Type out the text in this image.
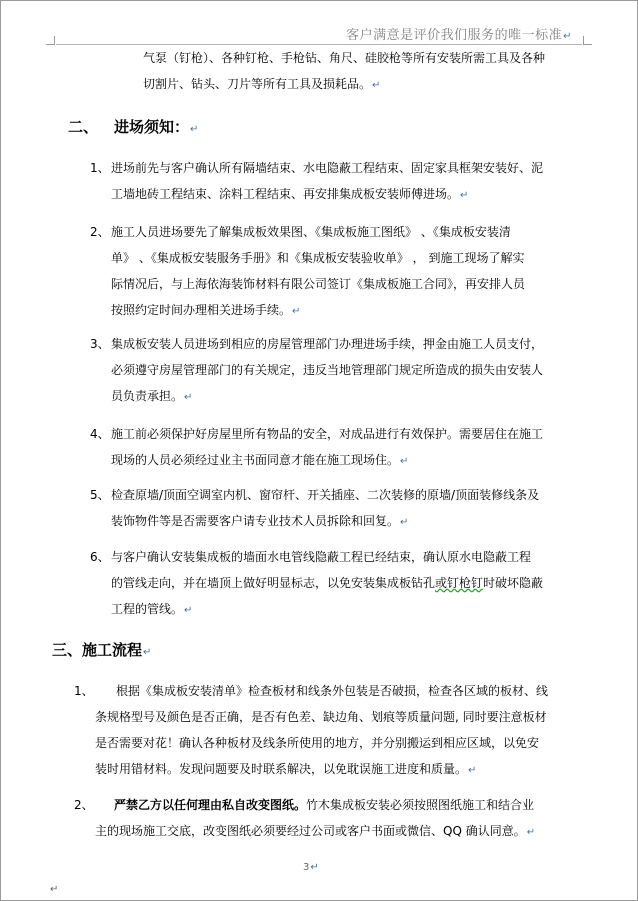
客户满意是评价我们服务的唯一标准↵
气泵（钉枪）、各种钉枪、手枪钻、角尺、硅胶枪等所有安装所需工具及各种
切割片、钻头、刀片等所有工具及损耗品。↵
二、 进场须知：↵
1、 进场前先与客户确认所有隔墙结束、水电隐蔽工程结束、固定家具框架安装好、泥
工墙地砖工程结束、涂料工程结束、再安排集成板安装师傅进场。↵
2、 施工人员进场要先了解集成板效果图、《集成板施工图纸》 、《集成板安装清
单》 、《集成板安装服务手册》和《集成板安装验收单》 ， 到施工现场了解实
际情况后，与上海依海装饰材料有限公司签订《集成板施工合同》，再安排人员
按照约定时间办理相关进场手续。↵
3、 集成板安装人员进场到相应的房屋管理部门办理进场手续，押金由施工人员支付，
必须遵守房屋管理部门的有关规定，违反当地管理部门规定所造成的损失由安装人
员负责承担。↵
4、 施工前必须保护好房屋里所有物品的安全，对成品进行有效保护。需要居住在施工
现场的人员必须经过业主书面同意才能在施工现场住。↵
5、 检查原墙/顶面空调室内机、窗帘杆、开关插座、二次装修的原墙/顶面装修线条及
装饰物件等是否需要客户请专业技术人员拆除和回复。↵
6、 与客户确认安装集成板的墙面水电管线隐蔽工程已经结束，确认原水电隐蔽工程
的管线走向，并在墙顶上做好明显标志，以免安装集成板钻孔或钉枪钉时破坏隐蔽
工程的管线。↵
三、施工流程↵
1、 根据《集成板安装清单》检查板材和线条外包装是否破损，检查各区域的板材、线
条规格型号及颜色是否正确，是否有色差、缺边角、划痕等质量问题, 同时要注意板材
是否需要对花！确认各种板材及线条所使用的地方，并分别搬运到相应区域，以免安
装时用错材料。发现问题要及时联系解决，以免耽误施工进度和质量。↵
2、 严禁乙方以任何理由私自改变图纸。竹木集成板安装必须按照图纸施工和结合业
主的现场施工交底，改变图纸必须要经过公司或客户书面或微信、QQ 确认同意。↵
3↵
↵
